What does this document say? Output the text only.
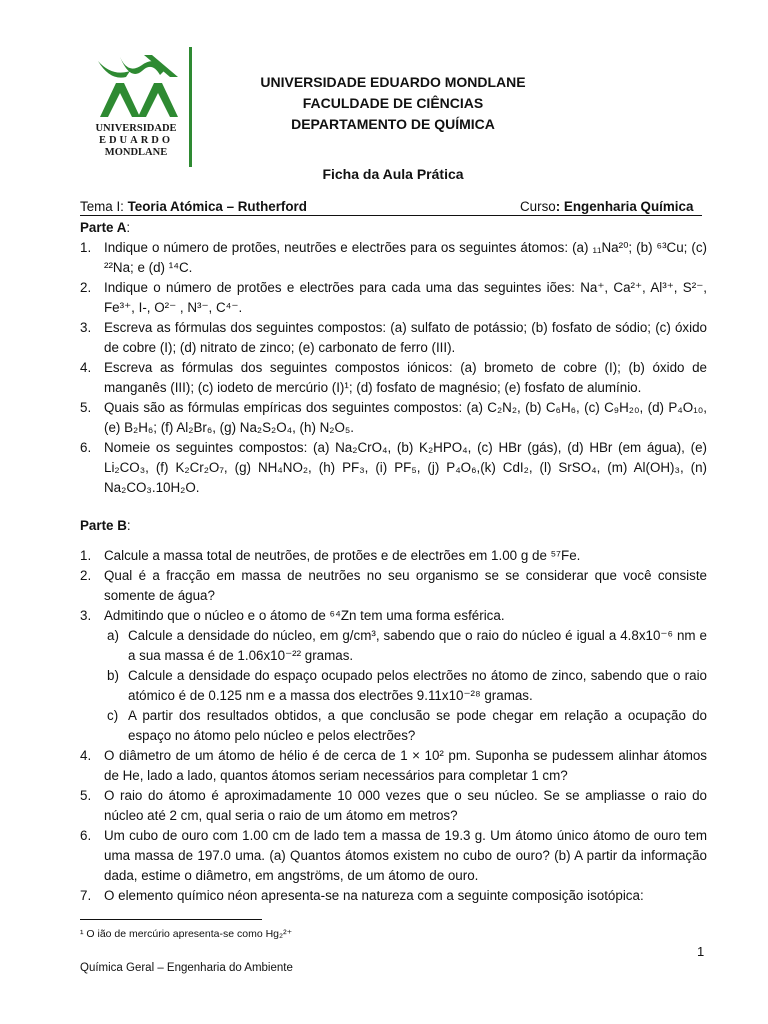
UNIVERSIDADE
EDUARDO
MONDLANE
UNIVERSIDADE EDUARDO MONDLANE
FACULDADE DE CIÊNCIAS
DEPARTAMENTO DE QUÍMICA
Ficha da Aula Prática
Tema I: Teoria Atómica – Rutherford	Curso: Engenharia Química

Parte A:

1. Indique o número de protões, neutrões e electrões para os seguintes átomos: (a) ₁₁Na²⁰; (b) ⁶³Cu; (c) ²²Na; e (d) ¹⁴C.
2. Indique o número de protões e electrões para cada uma das seguintes iões: Na⁺, Ca²⁺, Al³⁺, S²⁻, Fe³⁺, I-, O²⁻ , N³⁻, C⁴⁻.
3. Escreva as fórmulas dos seguintes compostos: (a) sulfato de potássio; (b) fosfato de sódio; (c) óxido de cobre (I); (d) nitrato de zinco; (e) carbonato de ferro (III).
4. Escreva as fórmulas dos seguintes compostos iónicos: (a) brometo de cobre (I); (b) óxido de manganês (III); (c) iodeto de mercúrio (I)¹; (d) fosfato de magnésio; (e) fosfato de alumínio.
5. Quais são as fórmulas empíricas dos seguintes compostos: (a) C₂N₂, (b) C₆H₆, (c) C₉H₂₀, (d) P₄O₁₀, (e) B₂H₆; (f) Al₂Br₆, (g) Na₂S₂O₄, (h) N₂O₅.
6. Nomeie os seguintes compostos: (a) Na₂CrO₄, (b) K₂HPO₄, (c) HBr (gás), (d) HBr (em água), (e) Li₂CO₃, (f) K₂Cr₂O₇, (g) NH₄NO₂, (h) PF₃, (i) PF₅, (j) P₄O₆,(k) CdI₂, (l) SrSO₄, (m) Al(OH)₃, (n) Na₂CO₃.10H₂O.

Parte B:

1. Calcule a massa total de neutrões, de protões e de electrões em 1.00 g de ⁵⁷Fe.
2. Qual é a fracção em massa de neutrões no seu organismo se se considerar que você consiste somente de água?
3. Admitindo que o núcleo e o átomo de ⁶⁴Zn tem uma forma esférica.
a) Calcule a densidade do núcleo, em g/cm³, sabendo que o raio do núcleo é igual a 4.8x10⁻⁶ nm e a sua massa é de 1.06x10⁻²² gramas.
b) Calcule a densidade do espaço ocupado pelos electrões no átomo de zinco, sabendo que o raio atómico é de 0.125 nm e a massa dos electrões 9.11x10⁻²⁸ gramas.
c) A partir dos resultados obtidos, a que conclusão se pode chegar em relação a ocupação do espaço no átomo pelo núcleo e pelos electrões?
4. O diâmetro de um átomo de hélio é de cerca de 1 × 10² pm. Suponha se pudessem alinhar átomos de He, lado a lado, quantos átomos seriam necessários para completar 1 cm?
5. O raio do átomo é aproximadamente 10 000 vezes que o seu núcleo. Se se ampliasse o raio do núcleo até 2 cm, qual seria o raio de um átomo em metros?
6. Um cubo de ouro com 1.00 cm de lado tem a massa de 19.3 g. Um átomo único átomo de ouro tem uma massa de 197.0 uma. (a) Quantos átomos existem no cubo de ouro? (b) A partir da informação dada, estime o diâmetro, em angströms, de um átomo de ouro.
7. O elemento químico néon apresenta-se na natureza com a seguinte composição isotópica:
¹ O ião de mercúrio apresenta-se como Hg₂²⁺
1
Química Geral – Engenharia do Ambiente
